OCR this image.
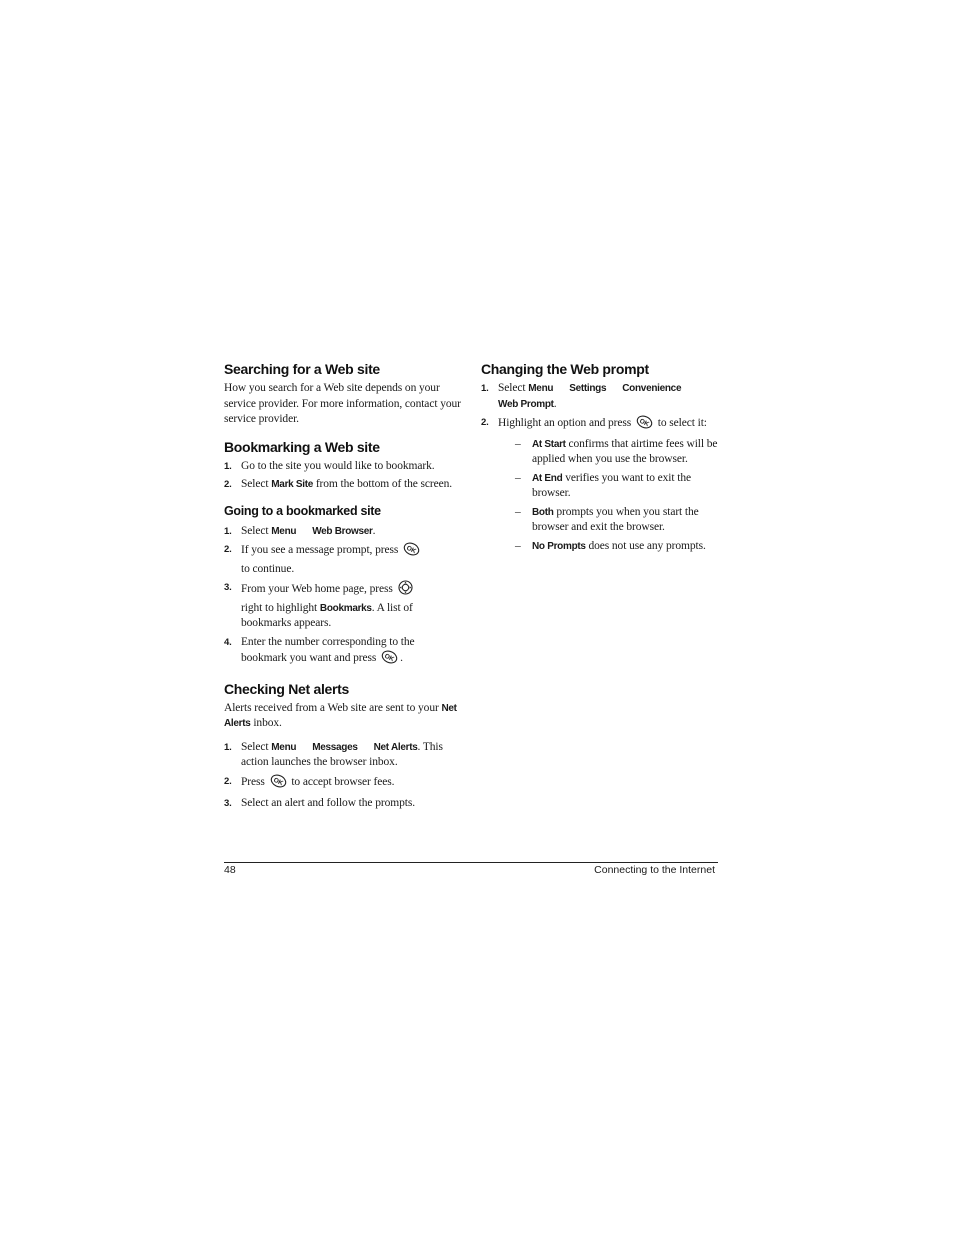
Searching for a Web site

How you search for a Web site depends on your service provider. For more information, contact your service provider.

Bookmarking a Web site
1. Go to the site you would like to bookmark.
2. Select Mark Site from the bottom of the screen.
Going to a bookmarked site
1. Select Menu Web Browser.
2. If you see a message prompt, press OK

to continue.
3. From your Web home page, press
right to highlight Bookmarks. A list of bookmarks appears.
4. Enter the number corresponding to the bookmark you want and press OK .
Checking Net alerts

Alerts received from a Web site are sent to your Net Alerts inbox.

1. Select Menu Messages Net Alerts. This action launches the browser inbox.
2. Press OK to accept browser fees.
3. Select an alert and follow the prompts.
Changing the Web prompt
1. Select Menu Settings Convenience
Web Prompt.
2. Highlight an option and press OK to select it:
– At Start confirms that airtime fees will be applied when you use the browser.
– At End verifies you want to exit the browser.
– Both prompts you when you start the browser and exit the browser.
– No Prompts does not use any prompts.
48	Connecting to the Internet
